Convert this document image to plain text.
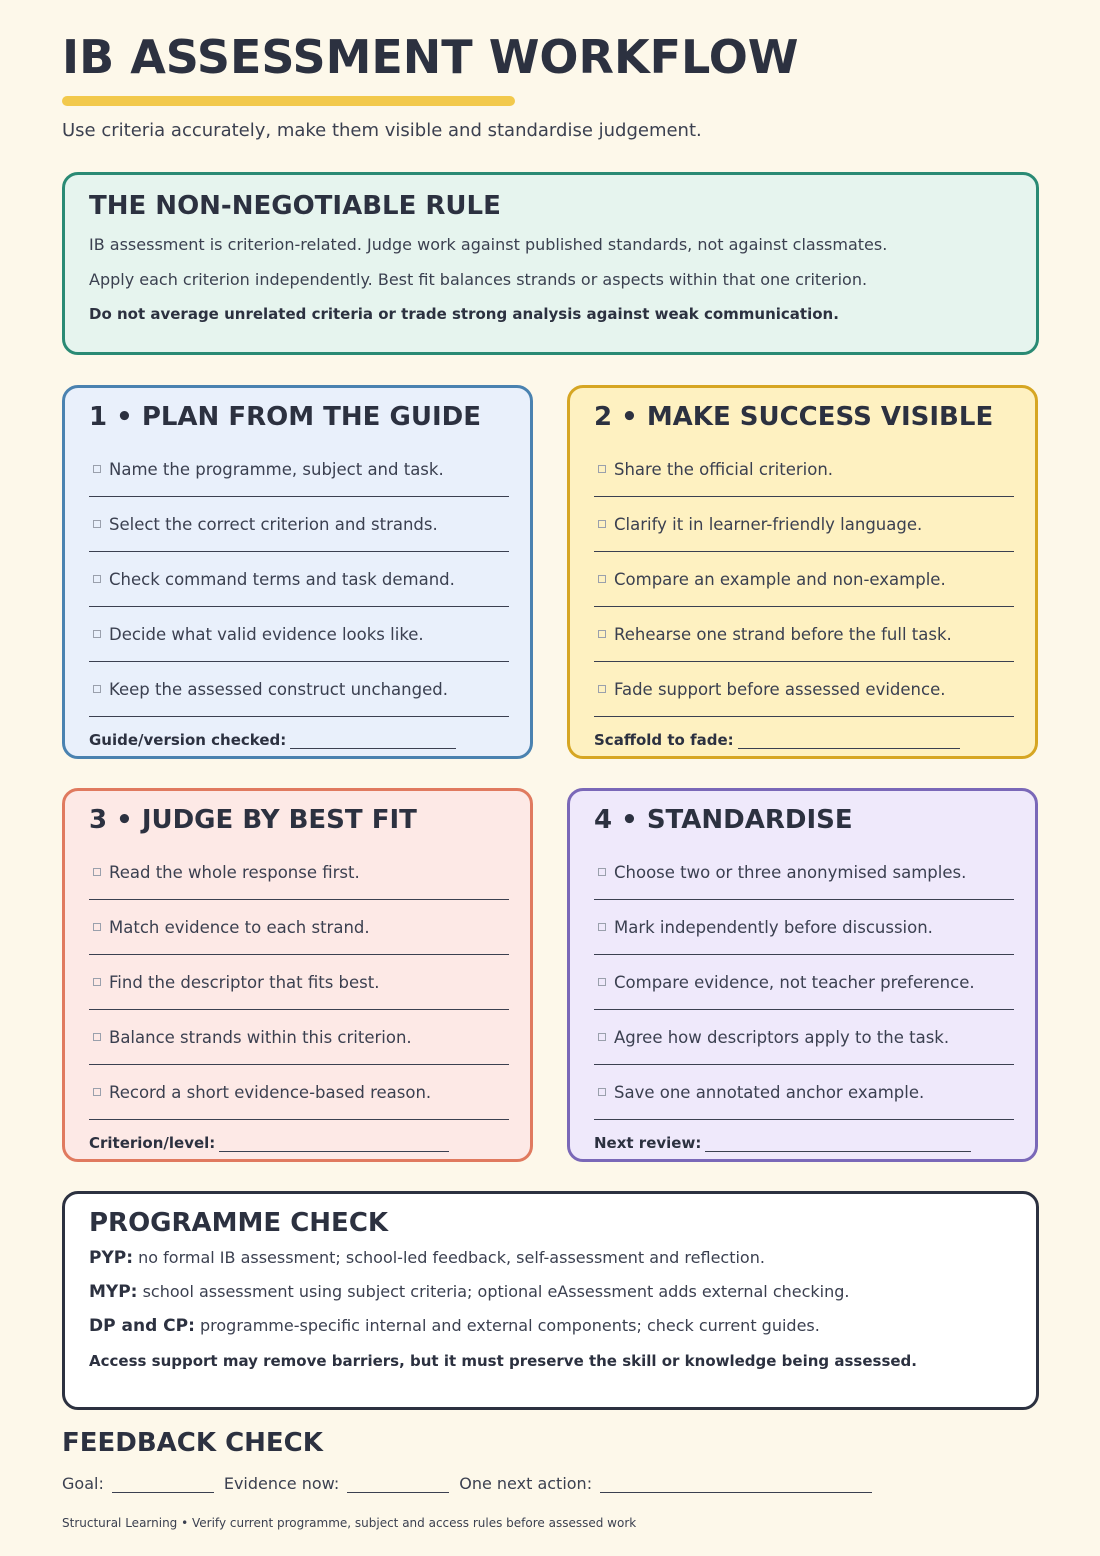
IB ASSESSMENT WORKFLOW
Use criteria accurately, make them visible and standardise judgement.
THE NON-NEGOTIABLE RULE
IB assessment is criterion-related. Judge work against published standards, not against classmates.
Apply each criterion independently. Best fit balances strands or aspects within that one criterion.
Do not average unrelated criteria or trade strong analysis against weak communication.
1 • PLAN FROM THE GUIDE
Name the programme, subject and task.
Select the correct criterion and strands.
Check command terms and task demand.
Decide what valid evidence looks like.
Keep the assessed construct unchanged.
Guide/version checked:
2 • MAKE SUCCESS VISIBLE
Share the official criterion.
Clarify it in learner-friendly language.
Compare an example and non-example.
Rehearse one strand before the full task.
Fade support before assessed evidence.
Scaffold to fade:
3 • JUDGE BY BEST FIT
Read the whole response first.
Match evidence to each strand.
Find the descriptor that fits best.
Balance strands within this criterion.
Record a short evidence-based reason.
Criterion/level:
4 • STANDARDISE
Choose two or three anonymised samples.
Mark independently before discussion.
Compare evidence, not teacher preference.
Agree how descriptors apply to the task.
Save one annotated anchor example.
Next review:
PROGRAMME CHECK
PYP: no formal IB assessment; school-led feedback, self-assessment and reflection.
MYP: school assessment using subject criteria; optional eAssessment adds external checking.
DP and CP: programme-specific internal and external components; check current guides.
Access support may remove barriers, but it must preserve the skill or knowledge being assessed.
FEEDBACK CHECK
Goal:	Evidence now:	One next action:
Structural Learning • Verify current programme, subject and access rules before assessed work
